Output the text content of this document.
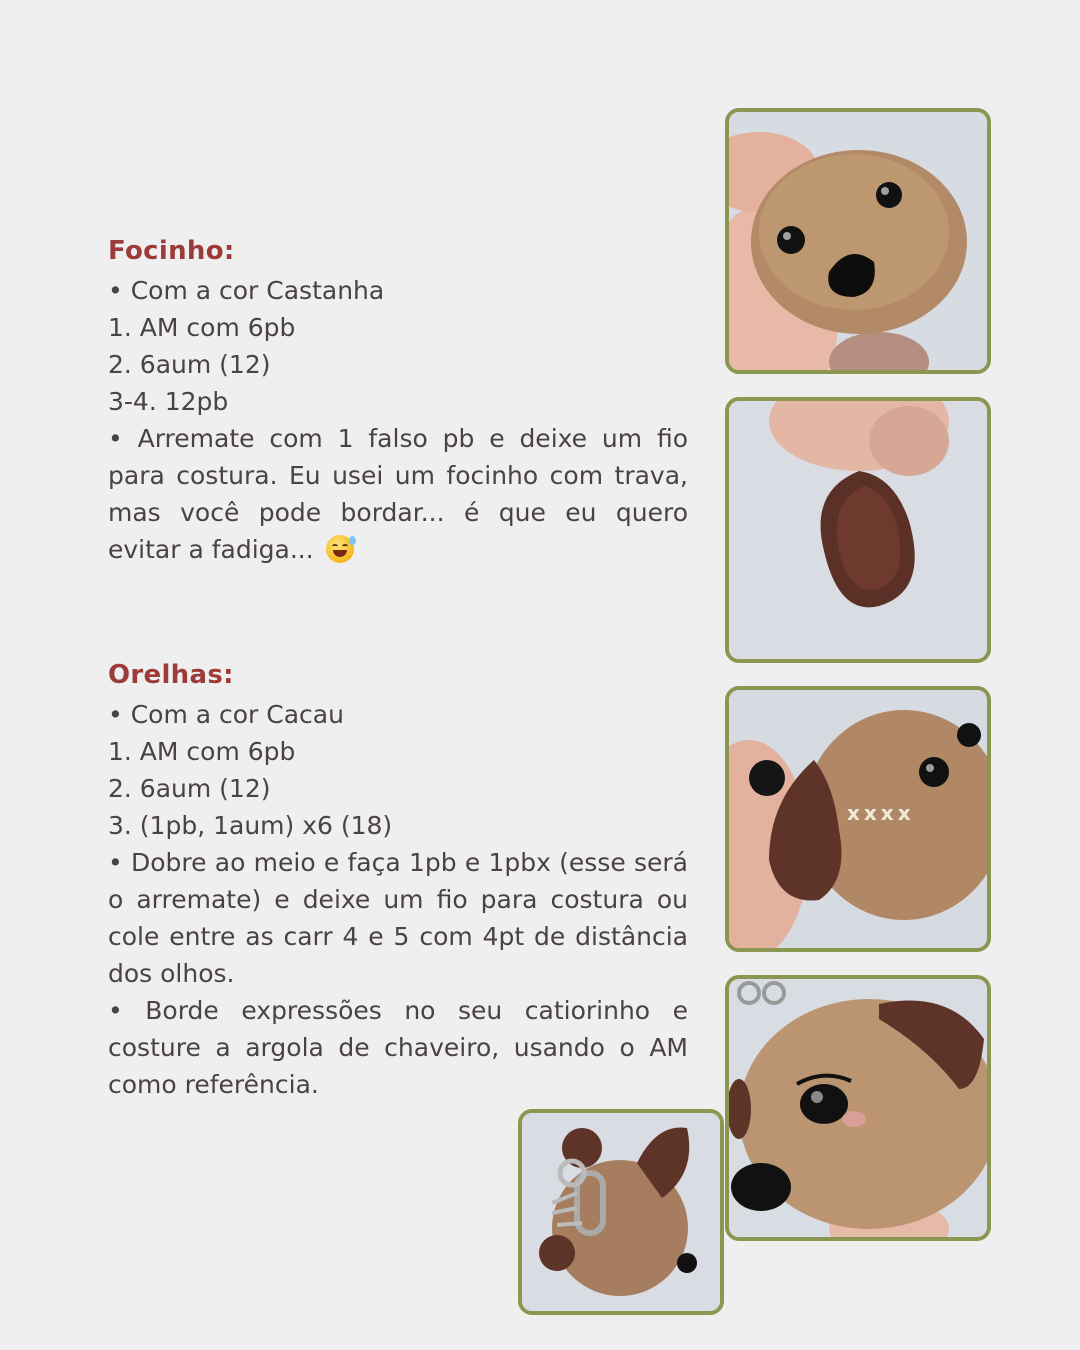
Focinho:

• Com a cor Castanha

1. AM com 6pb

2. 6aum (12)

3-4. 12pb

• Arremate com 1 falso pb e deixe um fio para costura. Eu usei um focinho com trava, mas você pode bordar... é que eu quero evitar a fadiga...

Orelhas:

• Com a cor Cacau

1. AM com 6pb

2. 6aum (12)

3. (1pb, 1aum) x6 (18)

• Dobre ao meio e faça 1pb e 1pbx (esse será o arremate) e deixe um fio para costura ou cole entre as carr 4 e 5 com 4pt de distância dos olhos.

• Borde expressões no seu catiorinho e costure a argola de chaveiro, usando o AM como referência.

xxxx
